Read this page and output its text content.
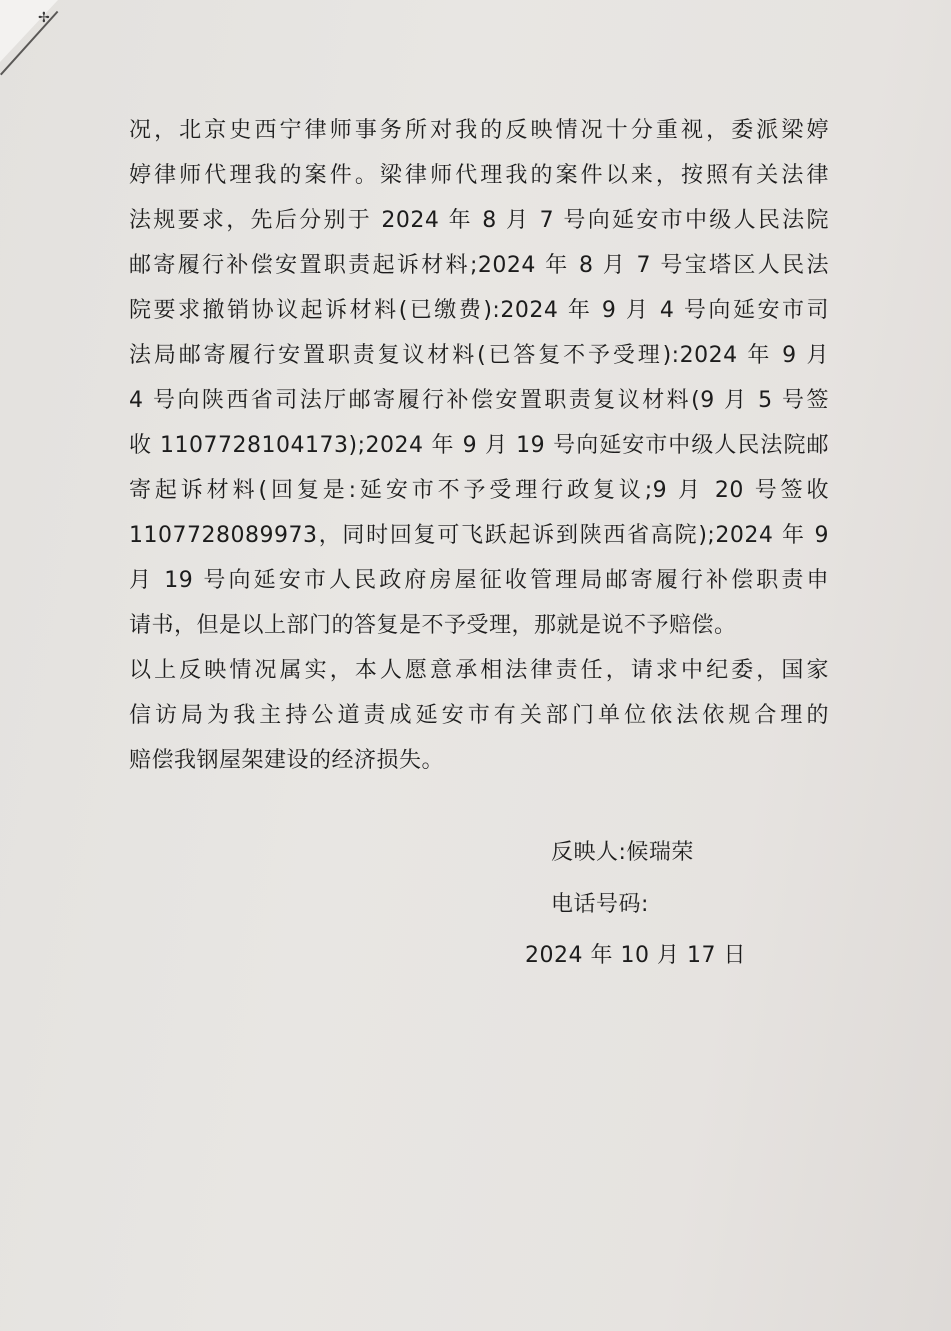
✢
况，北京史西宁律师事务所对我的反映情况十分重视，委派梁婷
婷律师代理我的案件。梁律师代理我的案件以来，按照有关法律
法规要求，先后分别于 2024 年 8 月 7 号向延安市中级人民法院
邮寄履行补偿安置职责起诉材料;2024 年 8 月 7 号宝塔区人民法
院要求撤销协议起诉材料(已缴费):2024 年 9 月 4 号向延安市司
法局邮寄履行安置职责复议材料(已答复不予受理):2024 年 9 月
4 号向陕西省司法厅邮寄履行补偿安置职责复议材料(9 月 5 号签
收 1107728104173);2024 年 9 月 19 号向延安市中级人民法院邮
寄起诉材料(回复是:延安市不予受理行政复议;9 月 20 号签收
1107728089973，同时回复可飞跃起诉到陕西省高院);2024 年 9
月 19 号向延安市人民政府房屋征收管理局邮寄履行补偿职责申
请书，但是以上部门的答复是不予受理，那就是说不予赔偿。
以上反映情况属实，本人愿意承相法律责任，请求中纪委，国家
信访局为我主持公道责成延安市有关部门单位依法依规合理的
赔偿我钢屋架建设的经济损失。
反映人:候瑞荣
电话号码:
2024 年 10 月 17 日
